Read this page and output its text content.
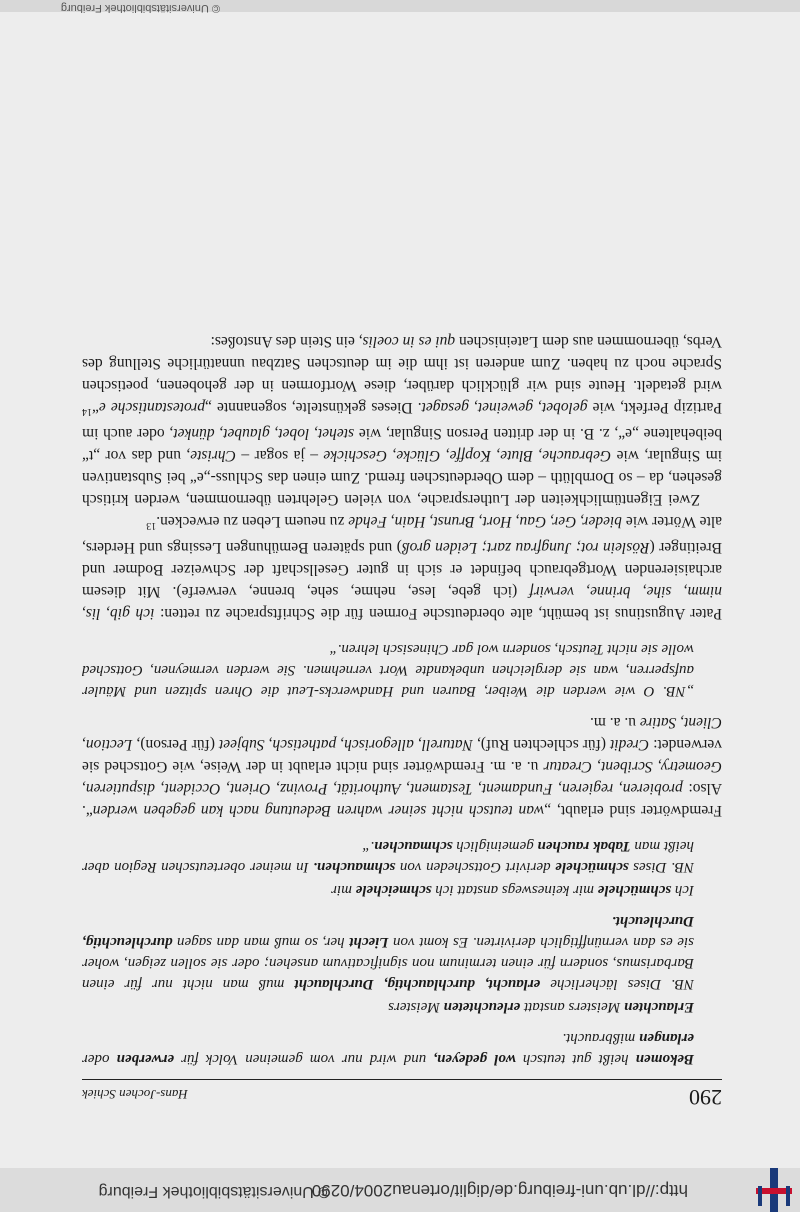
http://dl.ub.uni-freiburg.de/diglit/ortenau2004/0290
© Universitätsbibliothek Freiburg
290
Hans-Jochen Schiek

Bekomen heißt gut teutsch wol gedeyen, und wird nur vom gemeinen Volck für erwerben oder erlangen mißbraucht.

Erlauchten Meisters anstatt erleuchteten Meisters

NB. Dises lächerliche erlaucht, durchlauchtig, Durchlaucht muß man nicht nur für einen Barbarismus, sondern für einen terminum non significativum ansehen; oder sie sollen zeigen, woher sie es dan vernünfftiglich derivirten. Es komt von Liecht her, so muß man dan sagen durchleuchtig, Durchleucht.

Ich schmüchele mir keineswegs anstatt ich schmeichele mir

NB. Dises schmüchele derivirt Gottscheden von schmauchen. In meiner oberteutschen Region aber heißt man Tabak rauchen gemeiniglich schmauchen.“

Fremdwörter sind erlaubt, „wan teutsch nicht seiner wahren Bedeutung nach kan gegeben werden“. Also: probieren, regieren, Fundament, Testament, Authorität, Provinz, Orient, Occident, disputieren, Geometry, Scribent, Creatur u. a. m. Fremdwörter sind nicht erlaubt in der Weise, wie Gottsched sie verwendet: Credit (für schlechten Ruf), Naturell, allegorisch, pathetisch, Subjeet (für Person), Lection, Client, Satire u. a. m.

„NB. O wie werden die Weiber, Bauren und Handwercks-Leut die Ohren spitzen und Mäuler aufsperren, wan sie dergleichen unbekandte Wort vernehmen. Sie werden vermeynen, Gottsched wolle sie nicht Teutsch, sondern wol gar Chinesisch lehren.“

Pater Augustinus ist bemüht, alte oberdeutsche Formen für die Schriftsprache zu retten: ich gib, lis, nimm, sihe, brinne, verwirf (ich gebe, lese, nehme, sehe, brenne, verwerfe). Mit diesem archaisierenden Wortgebrauch befindet er sich in guter Gesellschaft der Schweizer Bodmer und Breitinger (Röslein rot; Jungfrau zart; Leiden groß) und späteren Bemühungen Lessings und Herders, alte Wörter wie bieder, Ger, Gau, Hort, Brunst, Hain, Fehde zu neuem Leben zu erwecken.$^{13}$

Zwei Eigentümlichkeiten der Luthersprache, von vielen Gelehrten übernommen, werden kritisch gesehen, da – so Dornblüth – dem Oberdeutschen fremd. Zum einen das Schluss-„e“ bei Substantiven im Singular, wie Gebrauche, Blute, Kopffe, Glücke, Geschicke – ja sogar – Christe, und das vor „t“ beibehaltene „e“, z. B. in der dritten Person Singular, wie stehet, lobet, glaubet, dünket, oder auch im Partizip Perfekt, wie gelobet, geweinet, gesaget. Dieses gekünstelte, sogenannte „protestantische e“$^{14}$ wird getadelt. Heute sind wir glücklich darüber, diese Wortformen in der gehobenen, poetischen Sprache noch zu haben. Zum anderen ist ihm die im deutschen Satzbau unnatürliche Stellung des Verbs, übernommen aus dem Lateinischen qui es in coelis, ein Stein des Anstoßes:

© Universitätsbibliothek Freiburg
